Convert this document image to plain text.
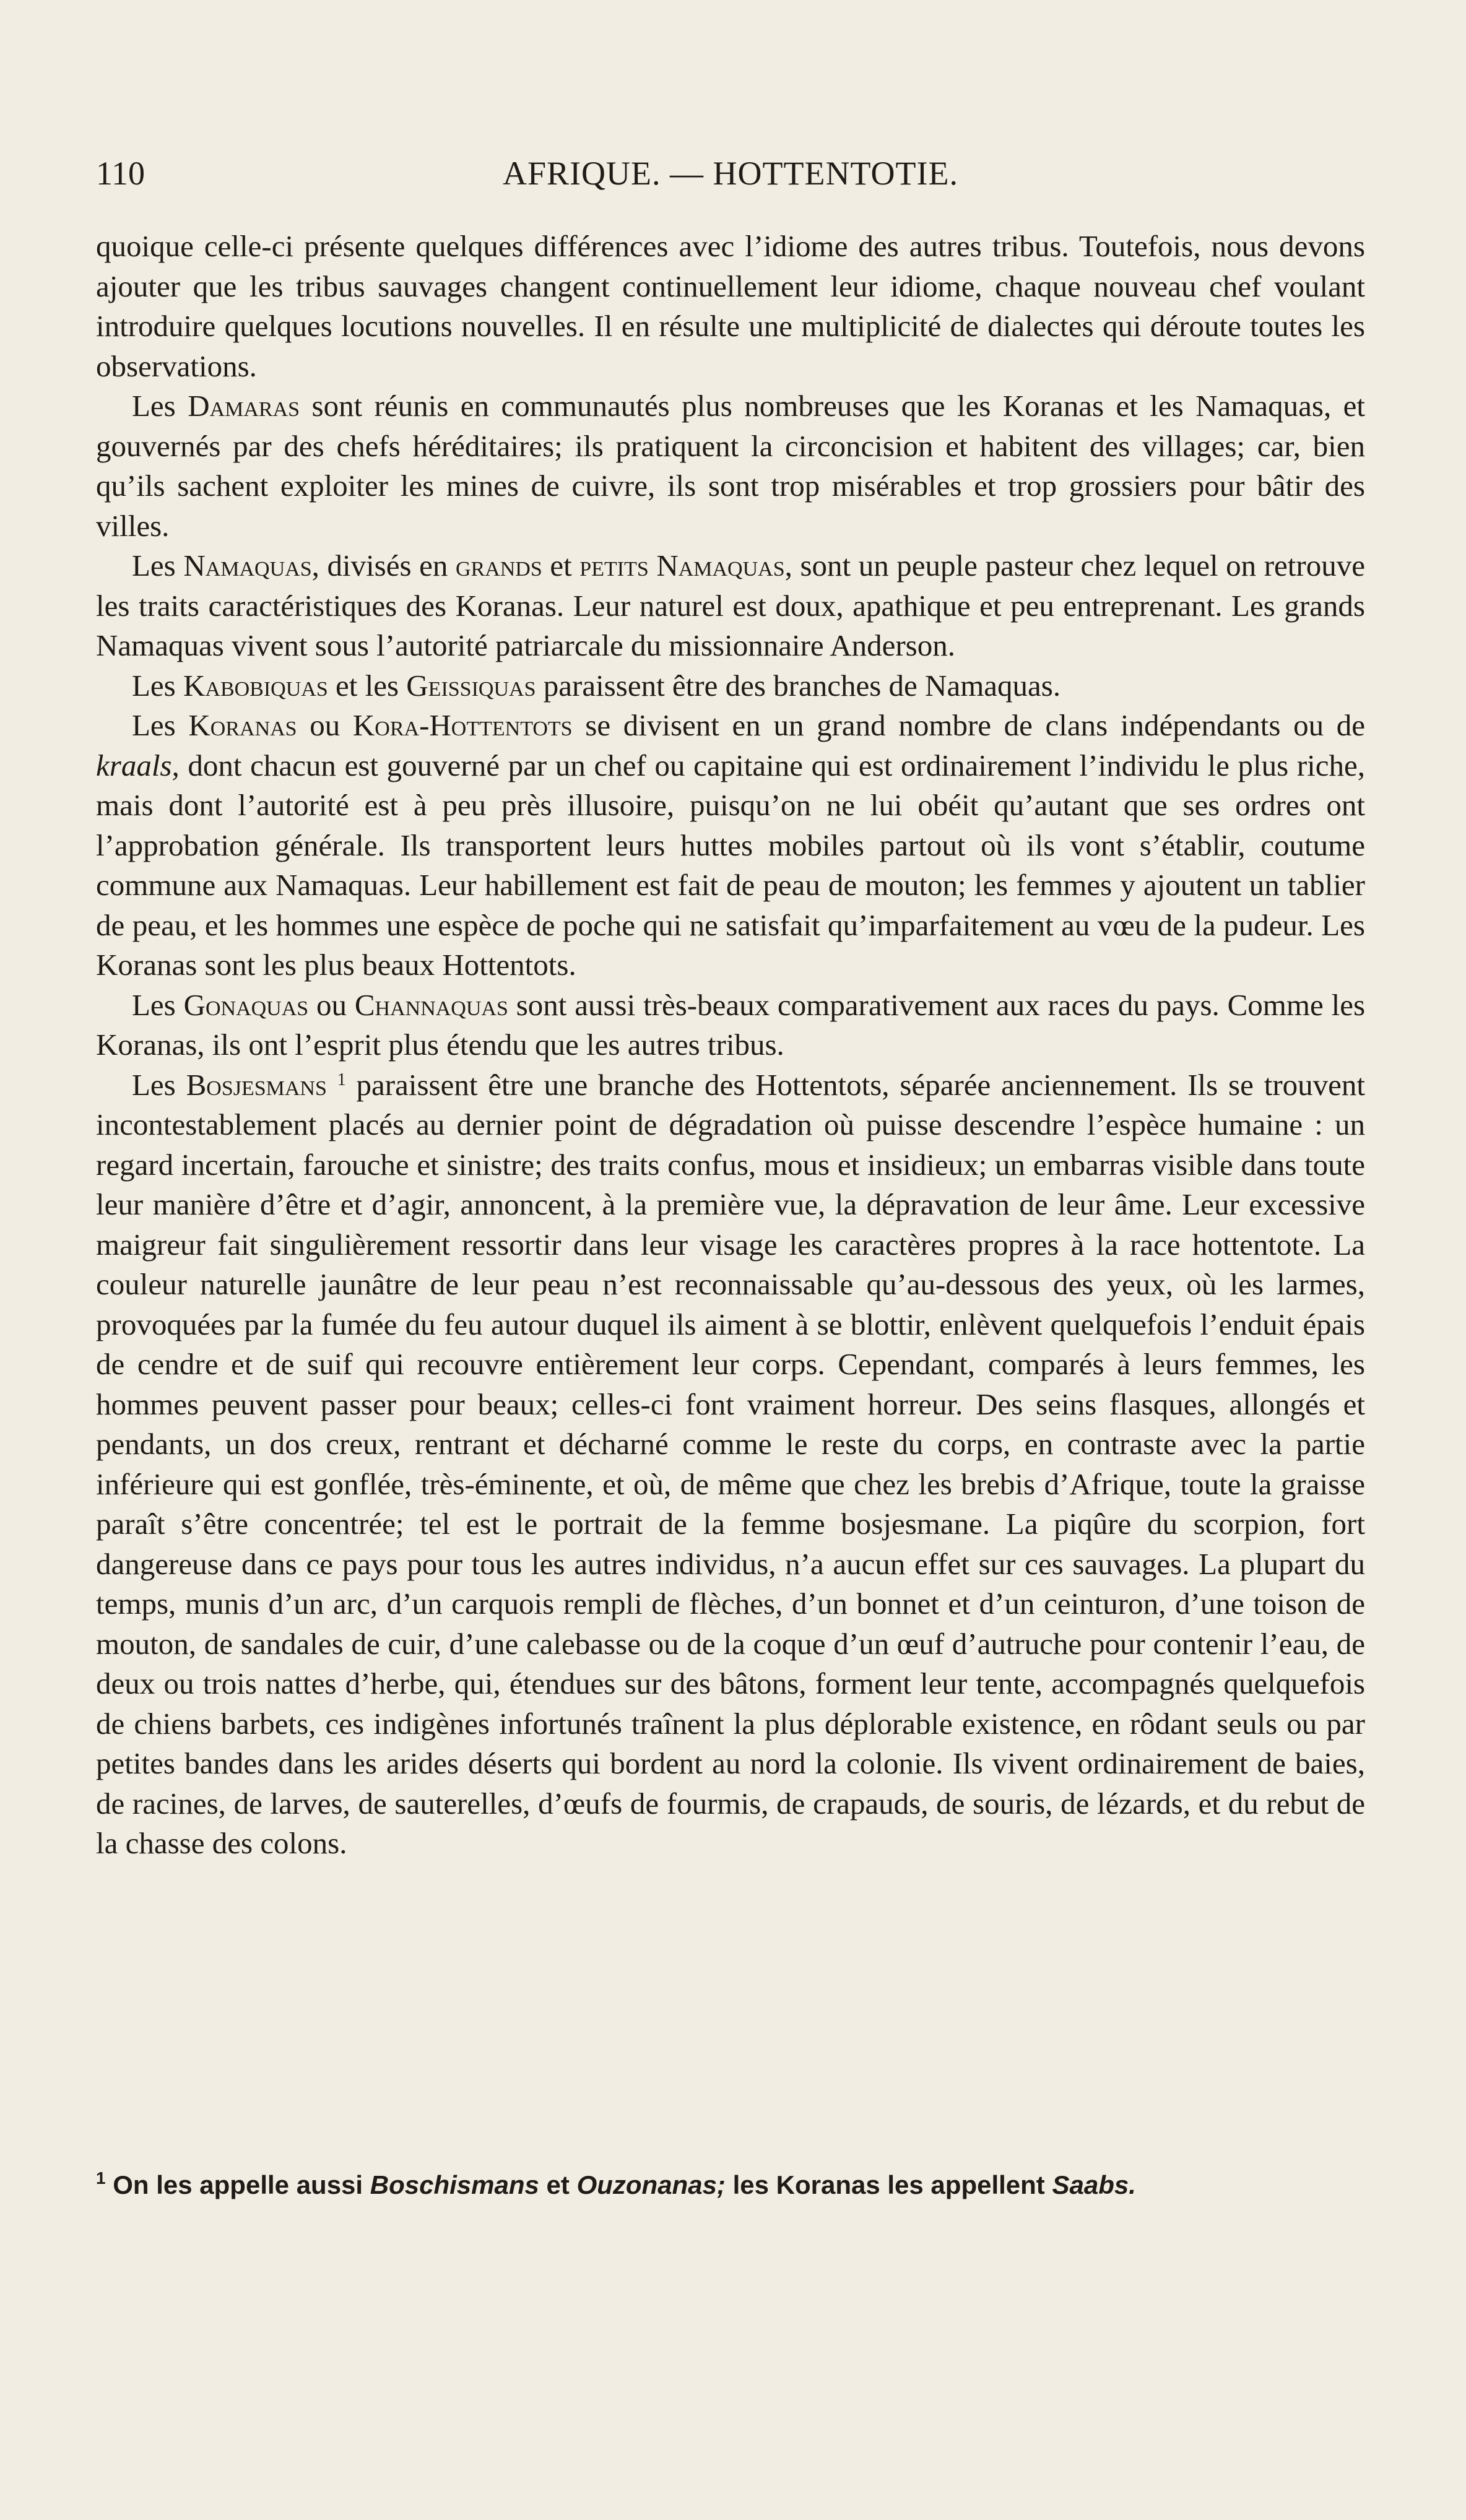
110	AFRIQUE. — HOTTENTOTIE.

quoique celle-ci présente quelques différences avec l’idiome des autres tribus. Toutefois, nous devons ajouter que les tribus sauvages changent continuellement leur idiome, chaque nouveau chef voulant introduire quelques locutions nouvelles. Il en résulte une multiplicité de dialectes qui déroute toutes les observations.

Les Damaras sont réunis en communautés plus nombreuses que les Koranas et les Namaquas, et gouvernés par des chefs héréditaires; ils pratiquent la circoncision et habitent des villages; car, bien qu’ils sachent exploiter les mines de cuivre, ils sont trop misérables et trop grossiers pour bâtir des villes.

Les Namaquas, divisés en grands et petits Namaquas, sont un peuple pasteur chez lequel on retrouve les traits caractéristiques des Koranas. Leur naturel est doux, apathique et peu entreprenant. Les grands Namaquas vivent sous l’autorité patriarcale du missionnaire Anderson.

Les Kabobiquas et les Geissiquas paraissent être des branches de Namaquas.

Les Koranas ou Kora-Hottentots se divisent en un grand nombre de clans indépendants ou de kraals, dont chacun est gouverné par un chef ou capitaine qui est ordinairement l’individu le plus riche, mais dont l’autorité est à peu près illusoire, puisqu’on ne lui obéit qu’autant que ses ordres ont l’approbation générale. Ils transportent leurs huttes mobiles partout où ils vont s’établir, coutume commune aux Namaquas. Leur habillement est fait de peau de mouton; les femmes y ajoutent un tablier de peau, et les hommes une espèce de poche qui ne satisfait qu’imparfaitement au vœu de la pudeur. Les Koranas sont les plus beaux Hottentots.

Les Gonaquas ou Channaquas sont aussi très-beaux comparativement aux races du pays. Comme les Koranas, ils ont l’esprit plus étendu que les autres tribus.

Les Bosjesmans $^1$ paraissent être une branche des Hottentots, séparée anciennement. Ils se trouvent incontestablement placés au dernier point de dégradation où puisse descendre l’espèce humaine : un regard incertain, farouche et sinistre; des traits confus, mous et insidieux; un embarras visible dans toute leur manière d’être et d’agir, annoncent, à la première vue, la dépravation de leur âme. Leur excessive maigreur fait singulièrement ressortir dans leur visage les caractères propres à la race hottentote. La couleur naturelle jaunâtre de leur peau n’est reconnaissable qu’au-dessous des yeux, où les larmes, provoquées par la fumée du feu autour duquel ils aiment à se blottir, enlèvent quelquefois l’enduit épais de cendre et de suif qui recouvre entièrement leur corps. Cependant, comparés à leurs femmes, les hommes peuvent passer pour beaux; celles-ci font vraiment horreur. Des seins flasques, allongés et pendants, un dos creux, rentrant et décharné comme le reste du corps, en contraste avec la partie inférieure qui est gonflée, très-éminente, et où, de même que chez les brebis d’Afrique, toute la graisse paraît s’être concentrée; tel est le portrait de la femme bosjesmane. La piqûre du scorpion, fort dangereuse dans ce pays pour tous les autres individus, n’a aucun effet sur ces sauvages. La plupart du temps, munis d’un arc, d’un carquois rempli de flèches, d’un bonnet et d’un ceinturon, d’une toison de mouton, de sandales de cuir, d’une calebasse ou de la coque d’un œuf d’autruche pour contenir l’eau, de deux ou trois nattes d’herbe, qui, étendues sur des bâtons, forment leur tente, accompagnés quelquefois de chiens barbets, ces indigènes infortunés traînent la plus déplorable existence, en rôdant seuls ou par petites bandes dans les arides déserts qui bordent au nord la colonie. Ils vivent ordinairement de baies, de racines, de larves, de sauterelles, d’œufs de fourmis, de crapauds, de souris, de lézards, et du rebut de la chasse des colons.

$^1$ On les appelle aussi Boschismans et Ouzonanas; les Koranas les appellent Saabs.
